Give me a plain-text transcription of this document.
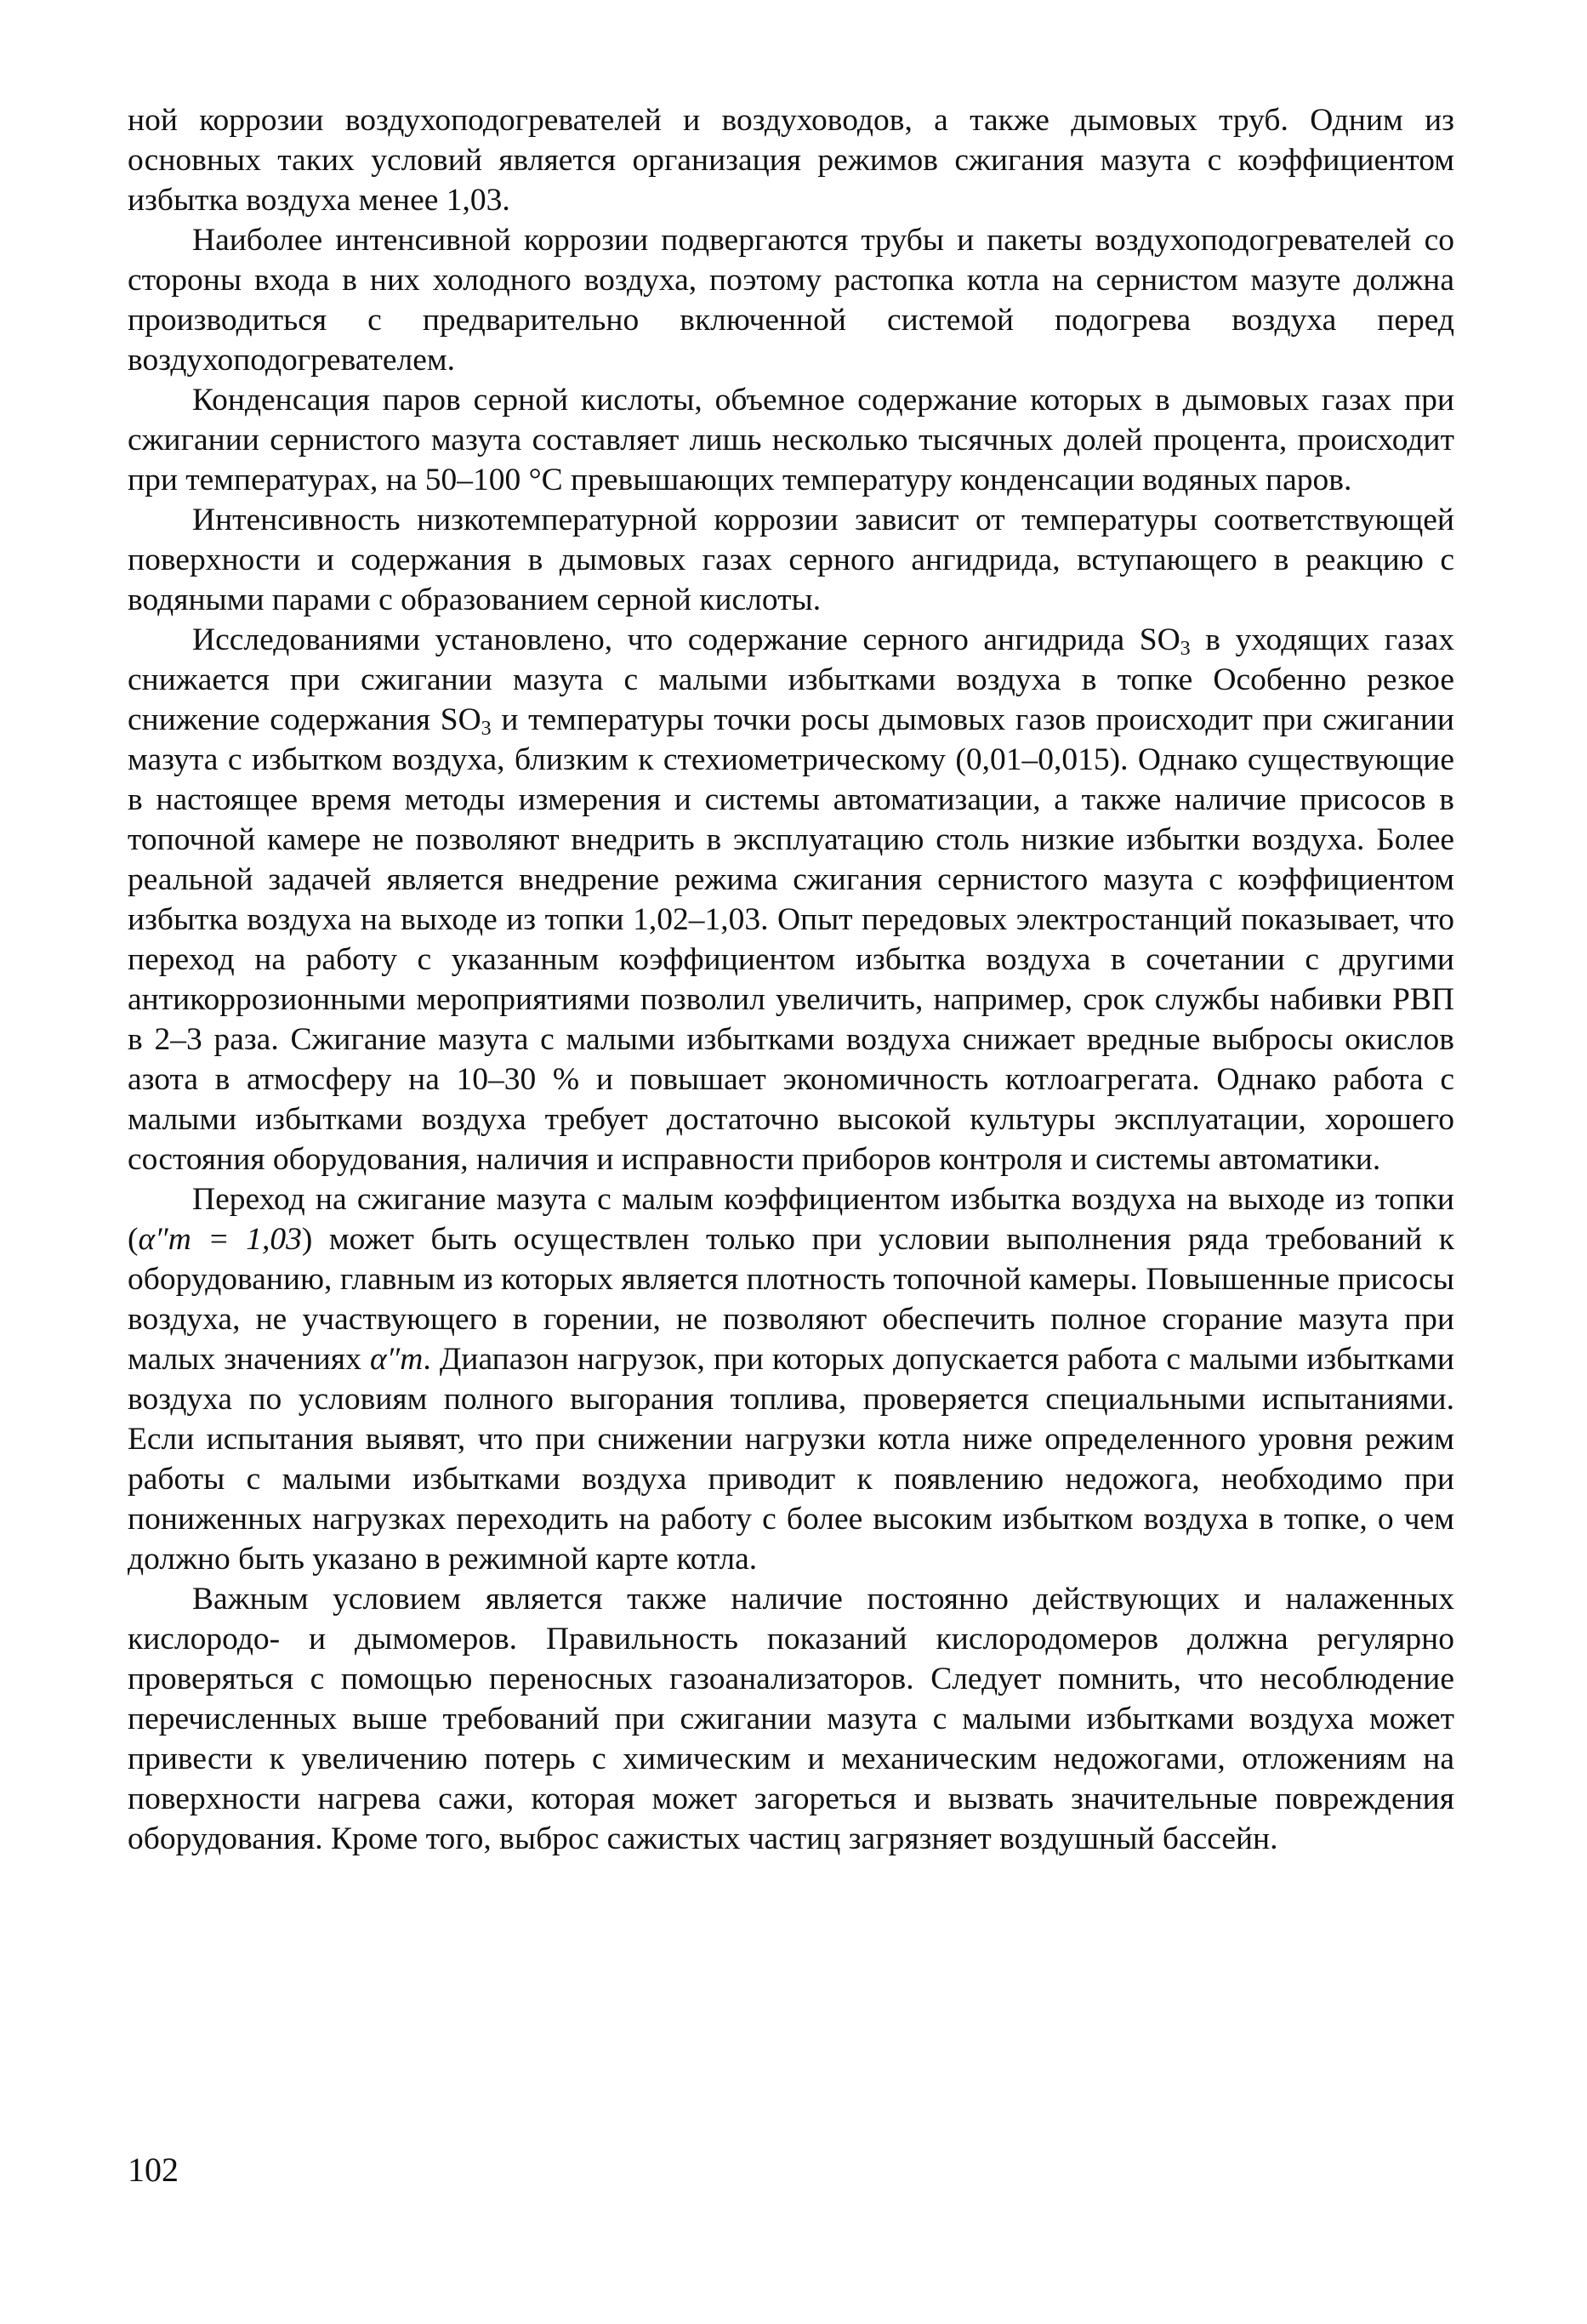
ной коррозии воздухоподогревателей и воздуховодов, а также дымовых труб. Одним из основных таких условий является организация режимов сжигания мазута с коэффициентом избытка воздуха менее 1,03.

Наиболее интенсивной коррозии подвергаются трубы и пакеты воздухоподогревателей со стороны входа в них холодного воздуха, поэтому растопка котла на сернистом мазуте должна производиться с предварительно включенной системой подогрева воздуха перед воздухоподогревателем.

Конденсация паров серной кислоты, объемное содержание которых в дымовых газах при сжигании сернистого мазута составляет лишь несколько тысячных долей процента, происходит при температурах, на 50–100 °С превышающих температуру конденсации водяных паров.

Интенсивность низкотемпературной коррозии зависит от температуры соответствующей поверхности и содержания в дымовых газах серного ангидрида, вступающего в реакцию с водяными парами с образованием серной кислоты.

Исследованиями установлено, что содержание серного ангидрида $SO_3$ в уходящих газах снижается при сжигании мазута с малыми избытками воздуха в топке Особенно резкое снижение содержания $SO_3$ и температуры точки росы дымовых газов происходит при сжигании мазута с избытком воздуха, близким к стехиометрическому (0,01–0,015). Однако существующие в настоящее время методы измерения и системы автоматизации, а также наличие присосов в топочной камере не позволяют внедрить в эксплуатацию столь низкие избытки воздуха. Более реальной задачей является внедрение режима сжигания сернистого мазута с коэффициентом избытка воздуха на выходе из топки 1,02–1,03. Опыт передовых электростанций показывает, что переход на работу с указанным коэффициентом избытка воздуха в сочетании с другими антикоррозионными мероприятиями позволил увеличить, например, срок службы набивки РВП в 2–3 раза. Сжигание мазута с малыми избытками воздуха снижает вредные выбросы окислов азота в атмосферу на 10–30 % и повышает экономичность котлоагрегата. Однако работа с малыми избытками воздуха требует достаточно высокой культуры эксплуатации, хорошего состояния оборудования, наличия и исправности приборов контроля и системы автоматики.

Переход на сжигание мазута с малым коэффициентом избытка воздуха на выходе из топки (α″т = 1,03) может быть осуществлен только при условии выполнения ряда требований к оборудованию, главным из которых является плотность топочной камеры. Повышенные присосы воздуха, не участвующего в горении, не позволяют обеспечить полное сгорание мазута при малых значениях α″т. Диапазон нагрузок, при которых допускается работа с малыми избытками воздуха по условиям полного выгорания топлива, проверяется специальными испытаниями. Если испытания выявят, что при снижении нагрузки котла ниже определенного уровня режим работы с малыми избытками воздуха приводит к появлению недожога, необходимо при пониженных нагрузках переходить на работу с более высоким избытком воздуха в топке, о чем должно быть указано в режимной карте котла.

Важным условием является также наличие постоянно действующих и налаженных кислородо- и дымомеров. Правильность показаний кислородомеров должна регулярно проверяться с помощью переносных газоанализаторов. Следует помнить, что несоблюдение перечисленных выше требований при сжигании мазута с малыми избытками воздуха может привести к увеличению потерь с химическим и механическим недожогами, отложениям на поверхности нагрева сажи, которая может загореться и вызвать значительные повреждения оборудования. Кроме того, выброс сажистых частиц загрязняет воздушный бассейн.

102
